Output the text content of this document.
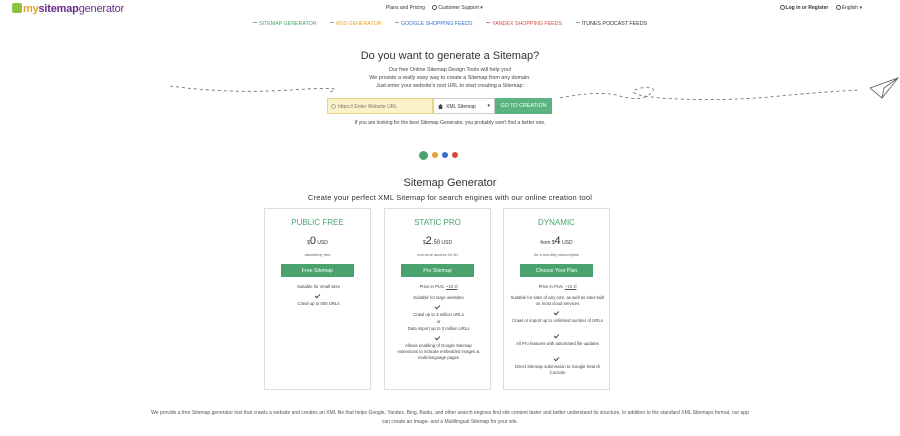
mysitemapgenerator	Plans and Pricing	Customer Support ▾	Log in or Register	English ▾
SITEMAP GENERATOR	RSS GENERATOR	GOOGLE SHOPPING FEEDS	YANDEX SHOPPING FEEDS	ITUNES PODCAST FEEDS
Do you want to generate a Sitemap?
Our free Online Sitemap Design Tools will help you!
We provide a really easy way to create a Sitemap from any domain.
Just enter your website's root URL to start creating a Sitemap:
https:// Enter Website URL	XML Sitemap ▾	GO TO CREATION
If you are looking for the best Sitemap Generator, you probably won't find a better one.
Sitemap Generator
Create your perfect XML Sitemap for search engines with our online creation tool
PUBLIC FREE
$0 USD
absolutely free
Free Sitemap
Suitable for small sites
Crawl up to 500 URLs
STATIC PRO
$2.50 USD
one-time access for 6h
Pro Sitemap
Price in PLN: ~10 zł
Suitable for large websites
Crawl up to 3 million URLs
or
Data import up to 3 million URLs
Allows enabling of Google Sitemap extensions to indicate embedded images & multi-language pages
DYNAMIC
from $4 USD
for a monthly subscription
Choose Your Plan
Price in PLN: ~16 zł
Suitable for sites of any size, as well as sites built on most cloud services
Crawl or import up to unlimited number of URLs
All Pro features with automated file updates
Direct Sitemap submission to Google Search Console
We provide a free Sitemap generator tool that crawls a website and creates an XML file that helps Google, Yandex, Bing, Baidu, and other search engines find site content faster and better understand its structure. In addition to the standard XML Sitemaps format, our app can create an Image- and a Multilingual Sitemap for your site.
